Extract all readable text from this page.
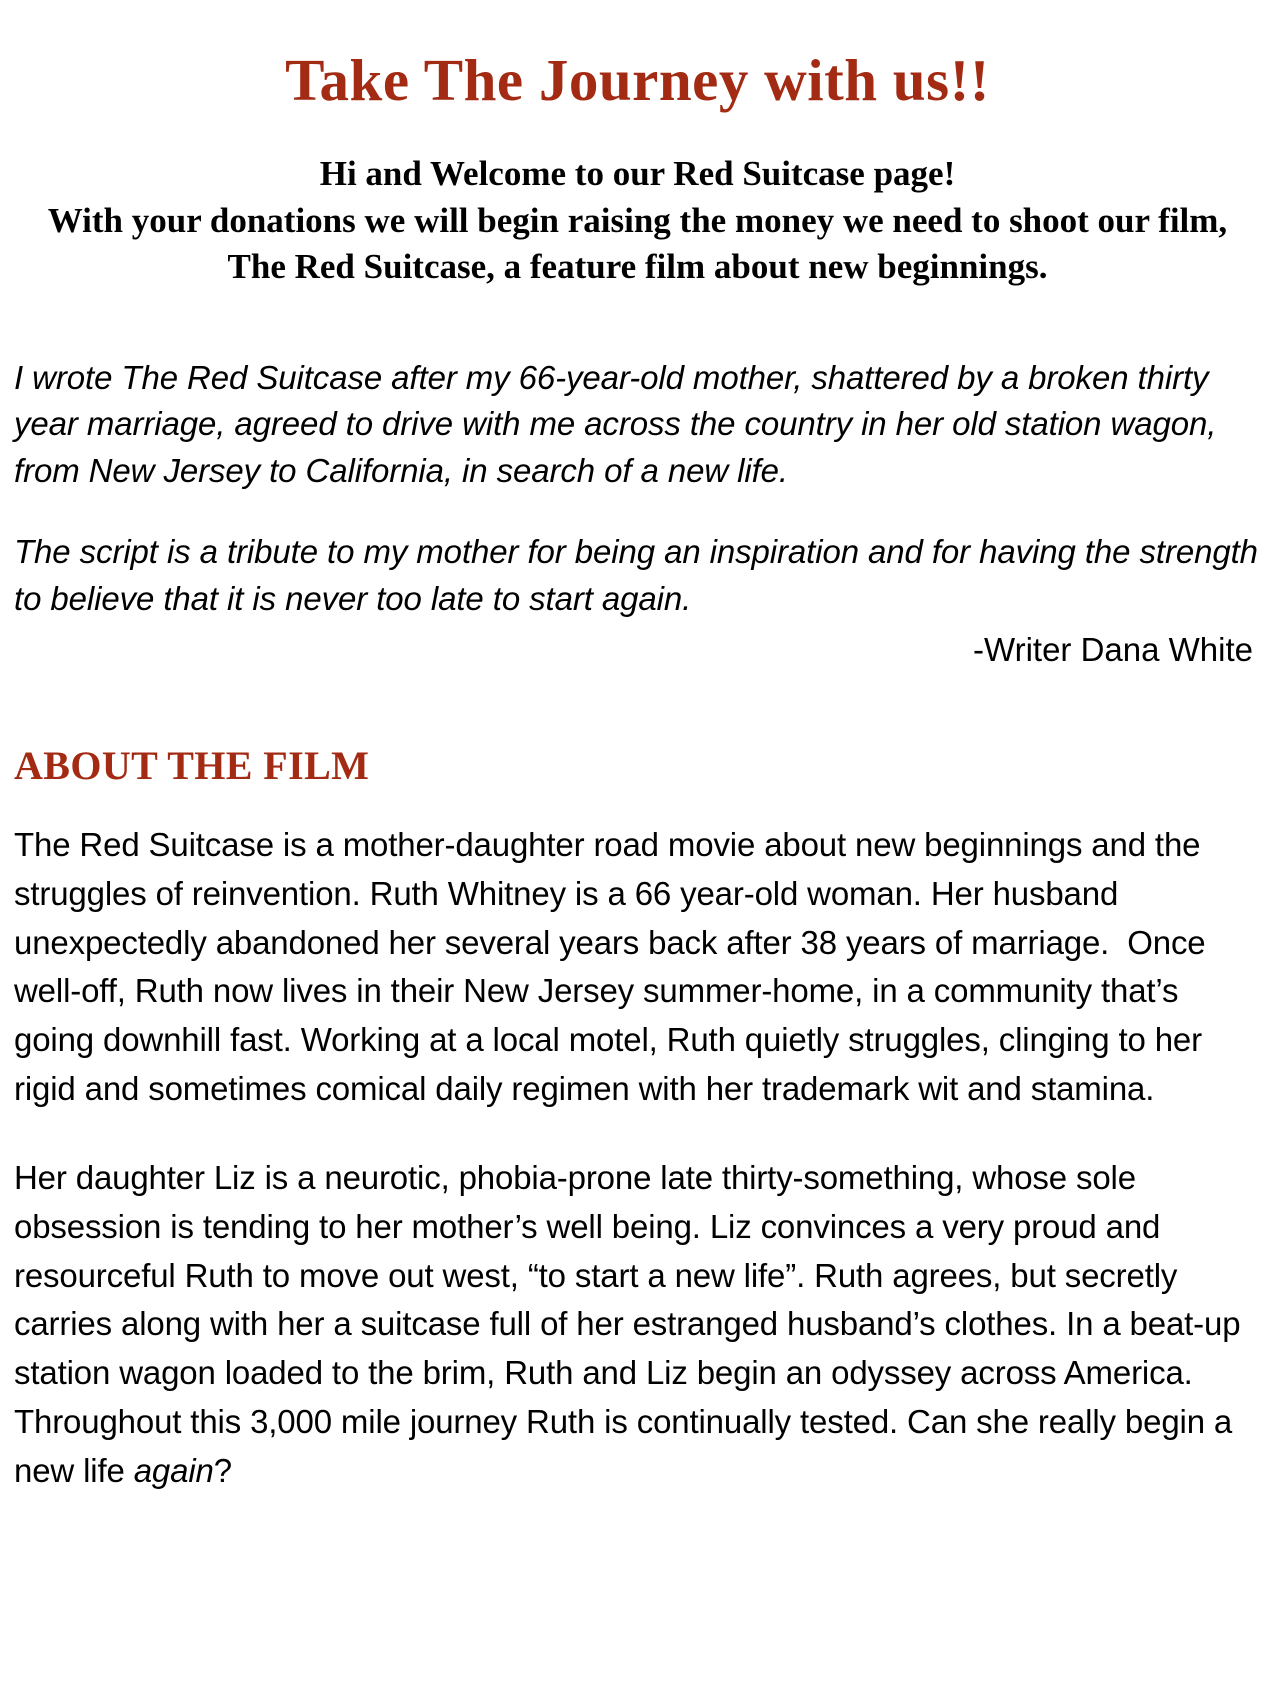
Take The Journey with us!!
Hi and Welcome to our Red Suitcase page!
With your donations we will begin raising the money we need to shoot our film, The Red Suitcase, a feature film about new beginnings.

I wrote The Red Suitcase after my 66-year-old mother, shattered by a broken thirty year marriage, agreed to drive with me across the country in her old station wagon, from New Jersey to California, in search of a new life.

The script is a tribute to my mother for being an inspiration and for having the strength to believe that it is never too late to start again.

-Writer Dana White
ABOUT THE FILM

The Red Suitcase is a mother-daughter road movie about new beginnings and the struggles of reinvention. Ruth Whitney is a 66 year-old woman. Her husband unexpectedly abandoned her several years back after 38 years of marriage.  Once well-off, Ruth now lives in their New Jersey summer-home, in a community that’s going downhill fast. Working at a local motel, Ruth quietly struggles, clinging to her rigid and sometimes comical daily regimen with her trademark wit and stamina.

Her daughter Liz is a neurotic, phobia-prone late thirty-something, whose sole obsession is tending to her mother’s well being. Liz convinces a very proud and resourceful Ruth to move out west, “to start a new life”. Ruth agrees, but secretly carries along with her a suitcase full of her estranged husband’s clothes. In a beat-up station wagon loaded to the brim, Ruth and Liz begin an odyssey across America. Throughout this 3,000 mile journey Ruth is continually tested. Can she really begin a new life again?
